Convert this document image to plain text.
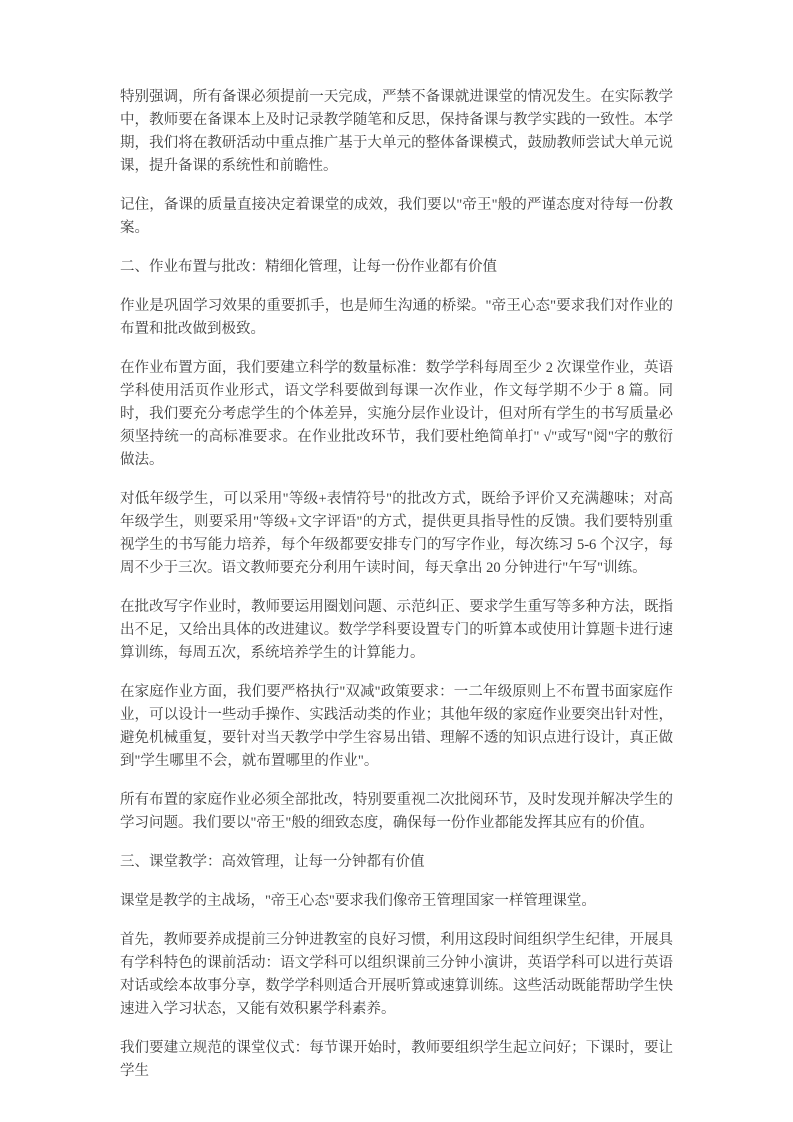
特别强调，所有备课必须提前一天完成，严禁不备课就进课堂的情况发生。在实际教学中，教师要在备课本上及时记录教学随笔和反思，保持备课与教学实践的一致性。本学期，我们将在教研活动中重点推广基于大单元的整体备课模式，鼓励教师尝试大单元说课，提升备课的系统性和前瞻性。

记住，备课的质量直接决定着课堂的成效，我们要以"帝王"般的严谨态度对待每一份教案。

二、作业布置与批改：精细化管理，让每一份作业都有价值

作业是巩固学习效果的重要抓手，也是师生沟通的桥梁。"帝王心态"要求我们对作业的布置和批改做到极致。

在作业布置方面，我们要建立科学的数量标准：数学学科每周至少 2 次课堂作业，英语学科使用活页作业形式，语文学科要做到每课一次作业，作文每学期不少于 8 篇。同时，我们要充分考虑学生的个体差异，实施分层作业设计，但对所有学生的书写质量必须坚持统一的高标准要求。在作业批改环节，我们要杜绝简单打" √"或写"阅"字的敷衍做法。

对低年级学生，可以采用"等级+表情符号"的批改方式，既给予评价又充满趣味；对高年级学生，则要采用"等级+文字评语"的方式，提供更具指导性的反馈。我们要特别重视学生的书写能力培养，每个年级都要安排专门的写字作业，每次练习 5-6 个汉字，每周不少于三次。语文教师要充分利用午读时间，每天拿出 20 分钟进行"午写"训练。

在批改写字作业时，教师要运用圈划问题、示范纠正、要求学生重写等多种方法，既指出不足，又给出具体的改进建议。数学学科要设置专门的听算本或使用计算题卡进行速算训练，每周五次，系统培养学生的计算能力。

在家庭作业方面，我们要严格执行"双减"政策要求：一二年级原则上不布置书面家庭作业，可以设计一些动手操作、实践活动类的作业；其他年级的家庭作业要突出针对性，避免机械重复，要针对当天教学中学生容易出错、理解不透的知识点进行设计，真正做到"学生哪里不会，就布置哪里的作业"。

所有布置的家庭作业必须全部批改，特别要重视二次批阅环节，及时发现并解决学生的学习问题。我们要以"帝王"般的细致态度，确保每一份作业都能发挥其应有的价值。

三、课堂教学：高效管理，让每一分钟都有价值

课堂是教学的主战场，"帝王心态"要求我们像帝王管理国家一样管理课堂。

首先，教师要养成提前三分钟进教室的良好习惯，利用这段时间组织学生纪律，开展具有学科特色的课前活动：语文学科可以组织课前三分钟小演讲，英语学科可以进行英语对话或绘本故事分享，数学学科则适合开展听算或速算训练。这些活动既能帮助学生快速进入学习状态，又能有效积累学科素养。

我们要建立规范的课堂仪式：每节课开始时，教师要组织学生起立问好；下课时，要让学生
